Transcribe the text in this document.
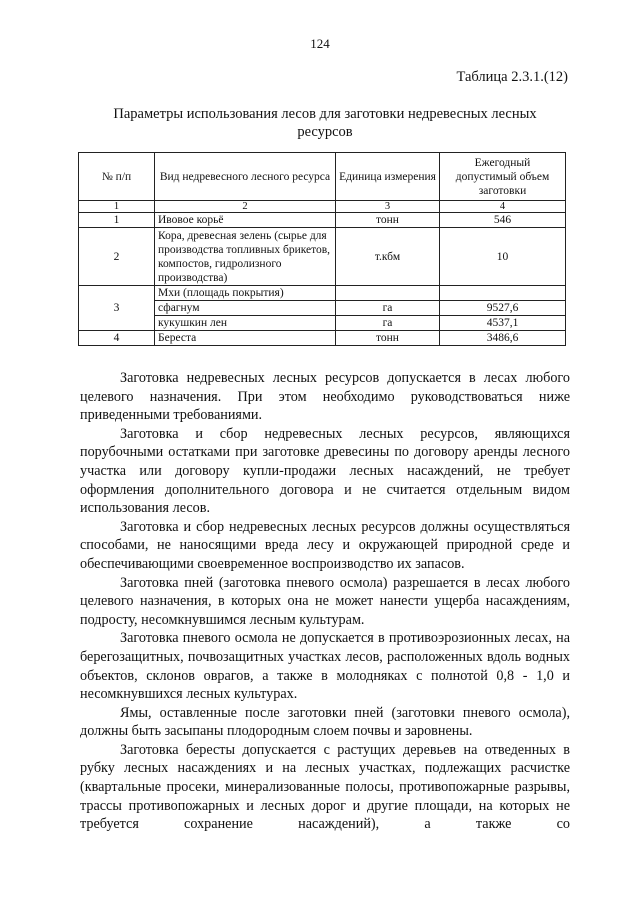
124
Таблица 2.3.1.(12)
Параметры использования лесов для заготовки недревесных лесных ресурсов
№ п/п	Вид недревесного лесного ресурса	Единица измерения	Ежегодный допустимый объем заготовки
1	2	3	4
1	Ивовое корьё	тонн	546
2	Кора, древесная зелень (сырье для производства топливных брикетов, компостов, гидролизного производства)	т.кбм	10
3	Мхи (площадь покрытия)		
	сфагнум	га	9527,6
	кукушкин лен	га	4537,1
4	Береста	тонн	3486,6

Заготовка недревесных лесных ресурсов допускается в лесах любого целевого назначения. При этом необходимо руководствоваться ниже приведенными требованиями.

Заготовка и сбор недревесных лесных ресурсов, являющихся порубочными остатками при заготовке древесины по договору аренды лесного участка или договору купли-продажи лесных насаждений, не требует оформления дополнительного договора и не считается отдельным видом использования лесов.

Заготовка и сбор недревесных лесных ресурсов должны осуществляться способами, не наносящими вреда лесу и окружающей природной среде и обеспечивающими своевременное воспроизводство их запасов.

Заготовка пней (заготовка пневого осмола) разрешается в лесах любого целевого назначения, в которых она не может нанести ущерба насаждениям, подросту, несомкнувшимся лесным культурам.

Заготовка пневого осмола не допускается в противоэрозионных лесах, на берегозащитных, почвозащитных участках лесов, расположенных вдоль водных объектов, склонов оврагов, а также в молодняках с полнотой 0,8 - 1,0 и несомкнувшихся лесных культурах.

Ямы, оставленные после заготовки пней (заготовки пневого осмола), должны быть засыпаны плодородным слоем почвы и заровнены.

Заготовка бересты допускается с растущих деревьев на отведенных в рубку лесных насаждениях и на лесных участках, подлежащих расчистке (квартальные просеки, минерализованные полосы, противопожарные разрывы, трассы противопожарных и лесных дорог и другие площади, на которых не требуется сохранение насаждений), а также со
